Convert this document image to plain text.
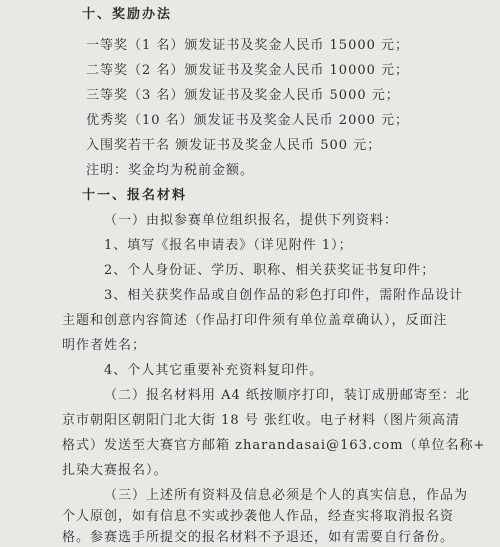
十、奖励办法
一等奖（1 名）颁发证书及奖金人民币 15000 元；
二等奖（2 名）颁发证书及奖金人民币 10000 元；
三等奖（3 名）颁发证书及奖金人民币 5000 元；
优秀奖（10 名）颁发证书及奖金人民币 2000 元；
入围奖若干名 颁发证书及奖金人民币 500 元；
注明：奖金均为税前金额。
十一、报名材料
（一）由拟参赛单位组织报名，提供下列资料：
1、填写《报名申请表》（详见附件 1）；
2、个人身份证、学历、职称、相关获奖证书复印件；
3、相关获奖作品或自创作品的彩色打印件，需附作品设计
主题和创意内容简述（作品打印件须有单位盖章确认），反面注
明作者姓名；
4、个人其它重要补充资料复印件。
（二）报名材料用 A4 纸按顺序打印，装订成册邮寄至：北
京市朝阳区朝阳门北大街 18 号 张红收。电子材料（图片须高清
格式）发送至大赛官方邮箱 zharandasai@163.com（单位名称+
扎染大赛报名）。
（三）上述所有资料及信息必须是个人的真实信息，作品为
个人原创，如有信息不实或抄袭他人作品，经查实将取消报名资
格。参赛选手所提交的报名材料不予退还，如有需要自行备份。
